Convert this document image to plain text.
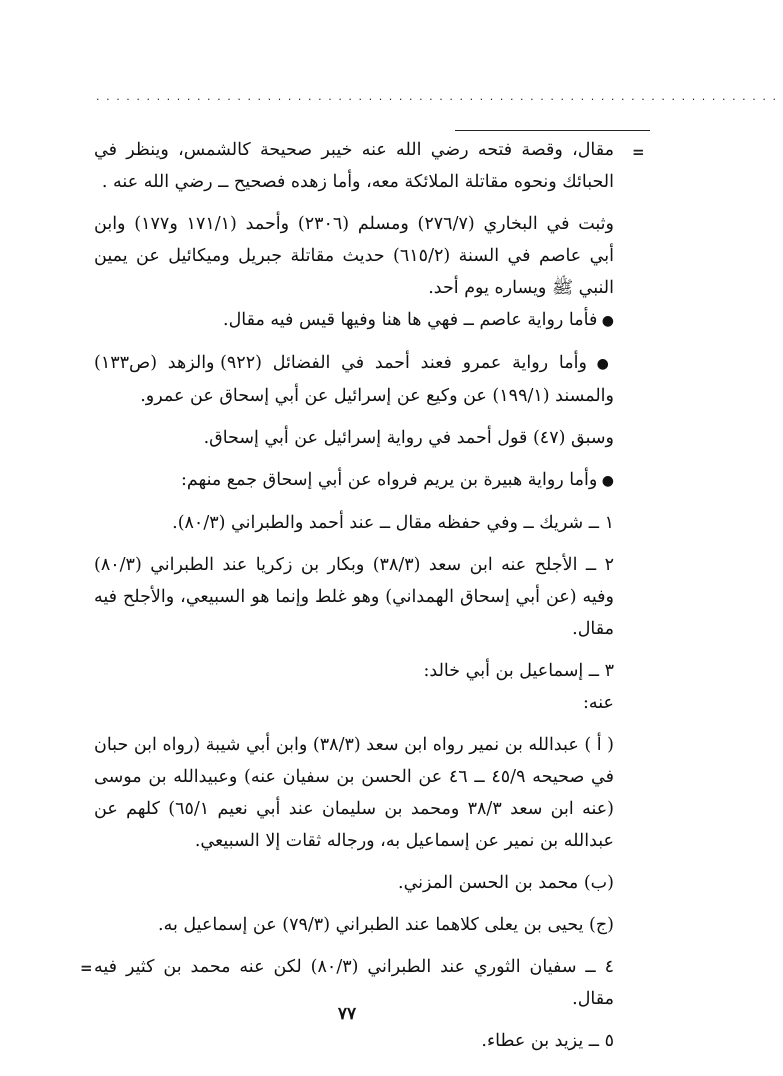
....................................................................
=

مقال، وقصة فتحه رضي الله عنه خيبر صحيحة كالشمس، وينظر في الحبائك ونحوه مقاتلة الملائكة معه، وأما زهده فصحيح ــ رضي الله عنه .

وثبت في البخاري (٢٧٦/٧) ومسلم (٢٣٠٦) وأحمد (١٧١/١ و١٧٧) وابن أبي عاصم في السنة (٦١٥/٢) حديث مقاتلة جبريل وميكائيل عن يمين النبي ﷺ ويساره يوم أحد.

● فأما رواية عاصم ــ فهي ها هنا وفيها قيس فيه مقال.

● وأما رواية عمرو فعند أحمد في الفضائل (٩٢٢) والزهد (ص١٣٣) والمسند (١٩٩/١) عن وكيع عن إسرائيل عن أبي إسحاق عن عمرو.

وسبق (٤٧) قول أحمد في رواية إسرائيل عن أبي إسحاق.

● وأما رواية هبيرة بن يريم فرواه عن أبي إسحاق جمع منهم:

١ ــ شريك ــ وفي حفظه مقال ــ عند أحمد والطبراني (٨٠/٣).

٢ ــ الأجلح عنه ابن سعد (٣٨/٣) وبكار بن زكريا عند الطبراني (٨٠/٣) وفيه (عن أبي إسحاق الهمداني) وهو غلط وإنما هو السبيعي، والأجلح فيه مقال.

٣ ــ إسماعيل بن أبي خالد:

عنه:

( أ ) عبدالله بن نمير رواه ابن سعد (٣٨/٣) وابن أبي شيبة (رواه ابن حبان في صحيحه ٤٥/٩ ــ ٤٦ عن الحسن بن سفيان عنه) وعبيدالله بن موسى (عنه ابن سعد ٣٨/٣ ومحمد بن سليمان عند أبي نعيم ٦٥/١) كلهم عن عبدالله بن نمير عن إسماعيل به، ورجاله ثقات إلا السبيعي.

(ب) محمد بن الحسن المزني.

(ج) يحيى بن يعلى كلاهما عند الطبراني (٧٩/٣) عن إسماعيل به.

٤ ــ سفيان الثوري عند الطبراني (٨٠/٣) لكن عنه محمد بن كثير فيه مقال.

٥ ــ يزيد بن عطاء.

=
٧٧
